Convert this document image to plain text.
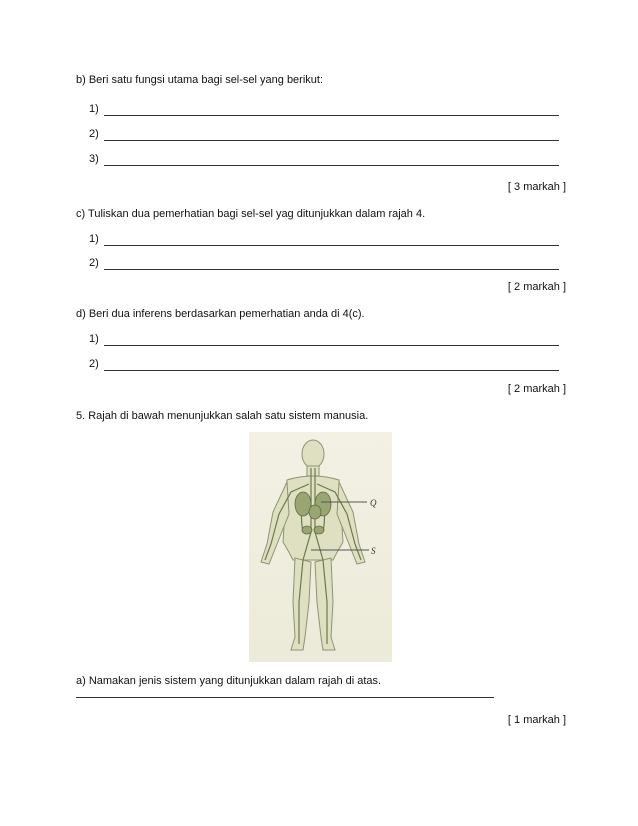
b) Beri satu fungsi utama bagi sel-sel yang berikut:
1)
2)
3)
[ 3 markah ]
c) Tuliskan dua pemerhatian bagi sel-sel yag ditunjukkan dalam rajah 4.
1)
2)
[ 2 markah ]
d) Beri dua inferens berdasarkan pemerhatian anda di 4(c).
1)
2)
[ 2 markah ]
5. Rajah di bawah menunjukkan salah satu sistem manusia.
Q
S
a) Namakan jenis sistem yang ditunjukkan dalam rajah di atas.
[ 1 markah ]
